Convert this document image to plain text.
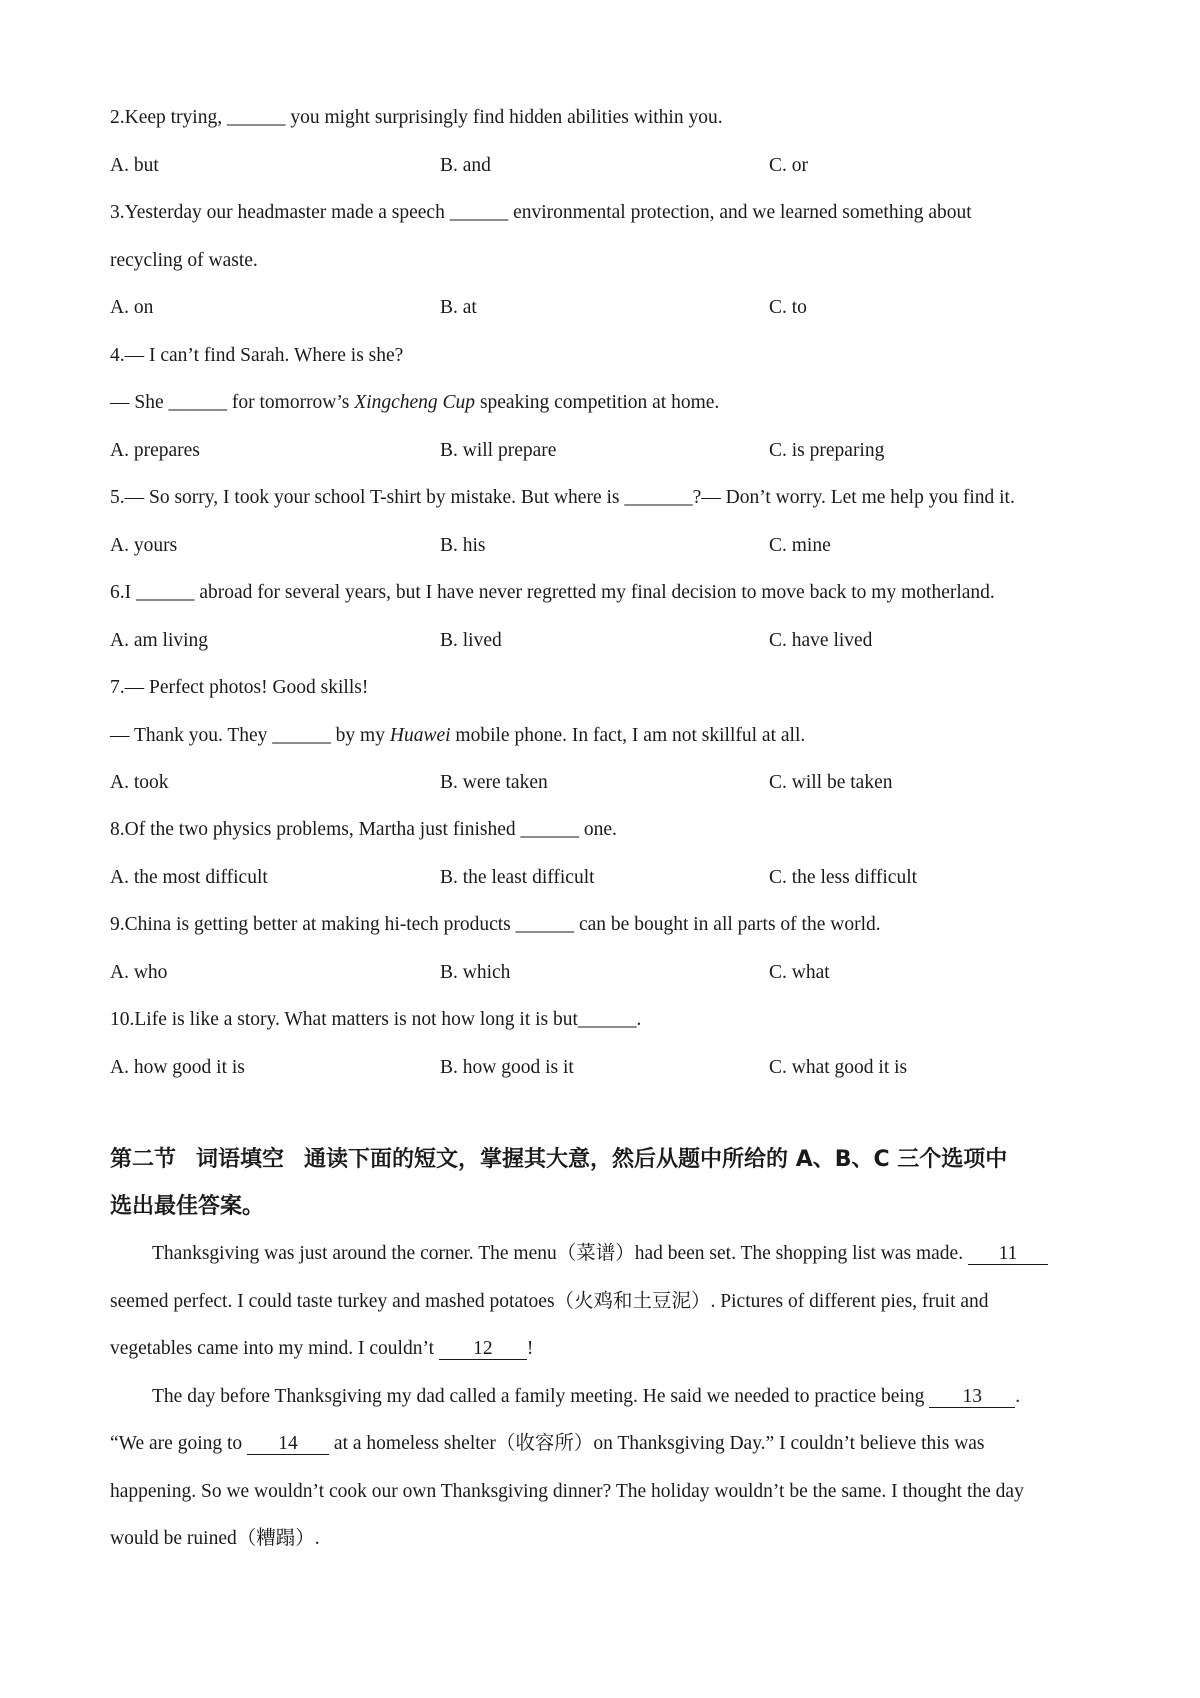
2.Keep trying, ______ you might surprisingly find hidden abilities within you.
A. but	B. and	C. or
3.Yesterday our headmaster made a speech ______ environmental protection, and we learned something about
recycling of waste.
A. on	B. at	C. to
4.— I can’t find Sarah. Where is she?
— She ______ for tomorrow’s Xingcheng Cup speaking competition at home.
A. prepares	B. will prepare	C. is preparing
5.— So sorry, I took your school T-shirt by mistake. But where is _______?— Don’t worry. Let me help you find it.
A. yours	B. his	C. mine
6.I ______ abroad for several years, but I have never regretted my final decision to move back to my motherland.
A. am living	B. lived	C. have lived
7.— Perfect photos! Good skills!
— Thank you. They ______ by my Huawei mobile phone. In fact, I am not skillful at all.
A. took	B. were taken	C. will be taken
8.Of the two physics problems, Martha just finished ______ one.
A. the most difficult	B. the least difficult	C. the less difficult
9.China is getting better at making hi-tech products ______ can be bought in all parts of the world.
A. who	B. which	C. what
10.Life is like a story. What matters is not how long it is but______.
A. how good it is	B. how good is it	C. what good it is
第二节 词语填空 通读下面的短文，掌握其大意，然后从题中所给的 A、B、C 三个选项中
选出最佳答案。
Thanksgiving was just around the corner. The menu（菜谱）had been set. The shopping list was made. 11
seemed perfect. I could taste turkey and mashed potatoes（火鸡和土豆泥）. Pictures of different pies, fruit and
vegetables came into my mind. I couldn’t 12 !
The day before Thanksgiving my dad called a family meeting. He said we needed to practice being 13 .
“We are going to 14 at a homeless shelter（收容所）on Thanksgiving Day.” I couldn’t believe this was
happening. So we wouldn’t cook our own Thanksgiving dinner? The holiday wouldn’t be the same. I thought the day
would be ruined（糟蹋）.
